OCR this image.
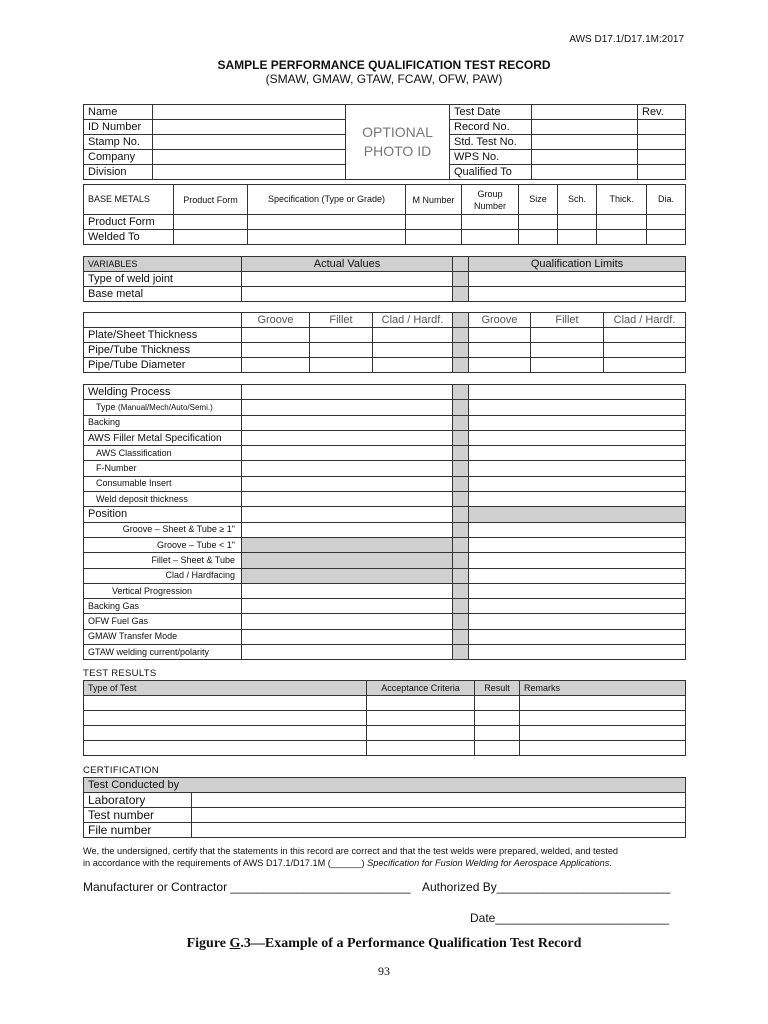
AWS D17.1/D17.1M:2017
SAMPLE PERFORMANCE QUALIFICATION TEST RECORD
(SMAW, GMAW, GTAW, FCAW, OFW, PAW)
Name		OPTIONAL PHOTO ID	Test Date		Rev.
ID Number			Record No.		
Stamp No.			Std. Test No.		
Company			WPS No.		
Division			Qualified To		
BASE METALS	Product Form	Specification (Type or Grade)	M Number	Group Number	Size	Sch.	Thick.	Dia.
Product Form								
Welded To								
VARIABLES	Actual Values		Qualification Limits
Type of weld joint			
Base metal			
	Groove	Fillet	Clad / Hardf.		Groove	Fillet	Clad / Hardf.
Plate/Sheet Thickness							
Pipe/Tube Thickness							
Pipe/Tube Diameter							
Welding Process			
Type (Manual/Mech/Auto/Semi.)			
Backing			
AWS Filler Metal Specification			
AWS Classification			
F-Number			
Consumable Insert			
Weld deposit thickness			
Position			
Groove – Sheet & Tube ≥ 1"			
Groove – Tube < 1"			
Fillet – Sheet & Tube			
Clad / Hardfacing			
Vertical Progression			
Backing Gas			
OFW Fuel Gas			
GMAW Transfer Mode			
GTAW welding current/polarity			
TEST RESULTS
Type of Test	Acceptance Criteria	Result	Remarks

CERTIFICATION
Test Conducted by	
Laboratory	
Test number	
File number	
We, the undersigned, certify that the statements in this record are correct and that the test welds were prepared, welded, and tested
in accordance with the requirements of AWS D17.1/D17.1M (______) Specification for Fusion Welding for Aerospace Applications.
Manufacturer or Contractor ___________________________ Authorized By__________________________
Date__________________________
Figure G.3—Example of a Performance Qualification Test Record
93
